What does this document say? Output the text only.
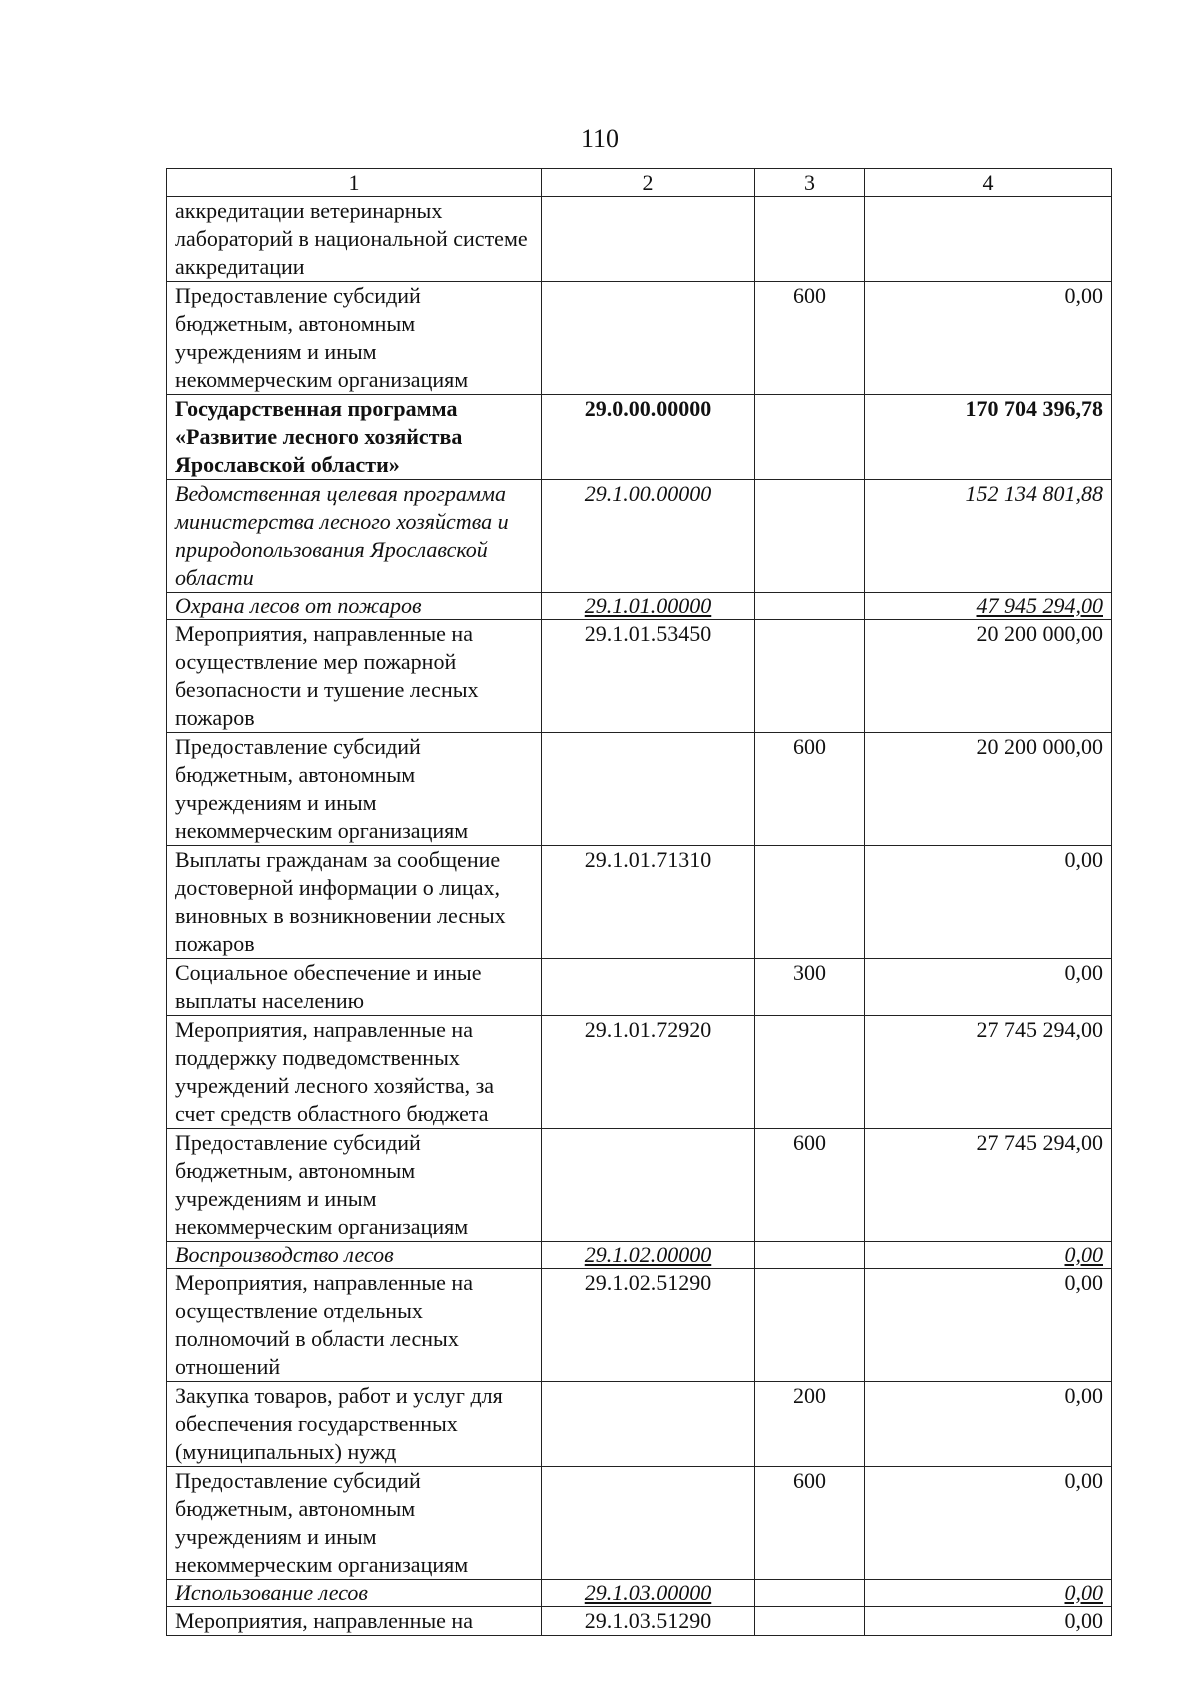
110
1	2	3	4
аккредитации ветеринарных лабораторий в национальной системе аккредитации			
Предоставление субсидий бюджетным, автономным учреждениям и иным некоммерческим организациям		600	0,00
Государственная программа «Развитие лесного хозяйства Ярославской области»	29.0.00.00000		170 704 396,78
Ведомственная целевая программа министерства лесного хозяйства и природопользования Ярославской области	29.1.00.00000		152 134 801,88
Охрана лесов от пожаров	29.1.01.00000		47 945 294,00
Мероприятия, направленные на осуществление мер пожарной безопасности и тушение лесных пожаров	29.1.01.53450		20 200 000,00
Предоставление субсидий бюджетным, автономным учреждениям и иным некоммерческим организациям		600	20 200 000,00
Выплаты гражданам за сообщение достоверной информации о лицах, виновных в возникновении лесных пожаров	29.1.01.71310		0,00
Социальное обеспечение и иные выплаты населению		300	0,00
Мероприятия, направленные на поддержку подведомственных учреждений лесного хозяйства, за счет средств областного бюджета	29.1.01.72920		27 745 294,00
Предоставление субсидий бюджетным, автономным учреждениям и иным некоммерческим организациям		600	27 745 294,00
Воспроизводство лесов	29.1.02.00000		0,00
Мероприятия, направленные на осуществление отдельных полномочий в области лесных отношений	29.1.02.51290		0,00
Закупка товаров, работ и услуг для обеспечения государственных (муниципальных) нужд		200	0,00
Предоставление субсидий бюджетным, автономным учреждениям и иным некоммерческим организациям		600	0,00
Использование лесов	29.1.03.00000		0,00
Мероприятия, направленные на	29.1.03.51290		0,00
